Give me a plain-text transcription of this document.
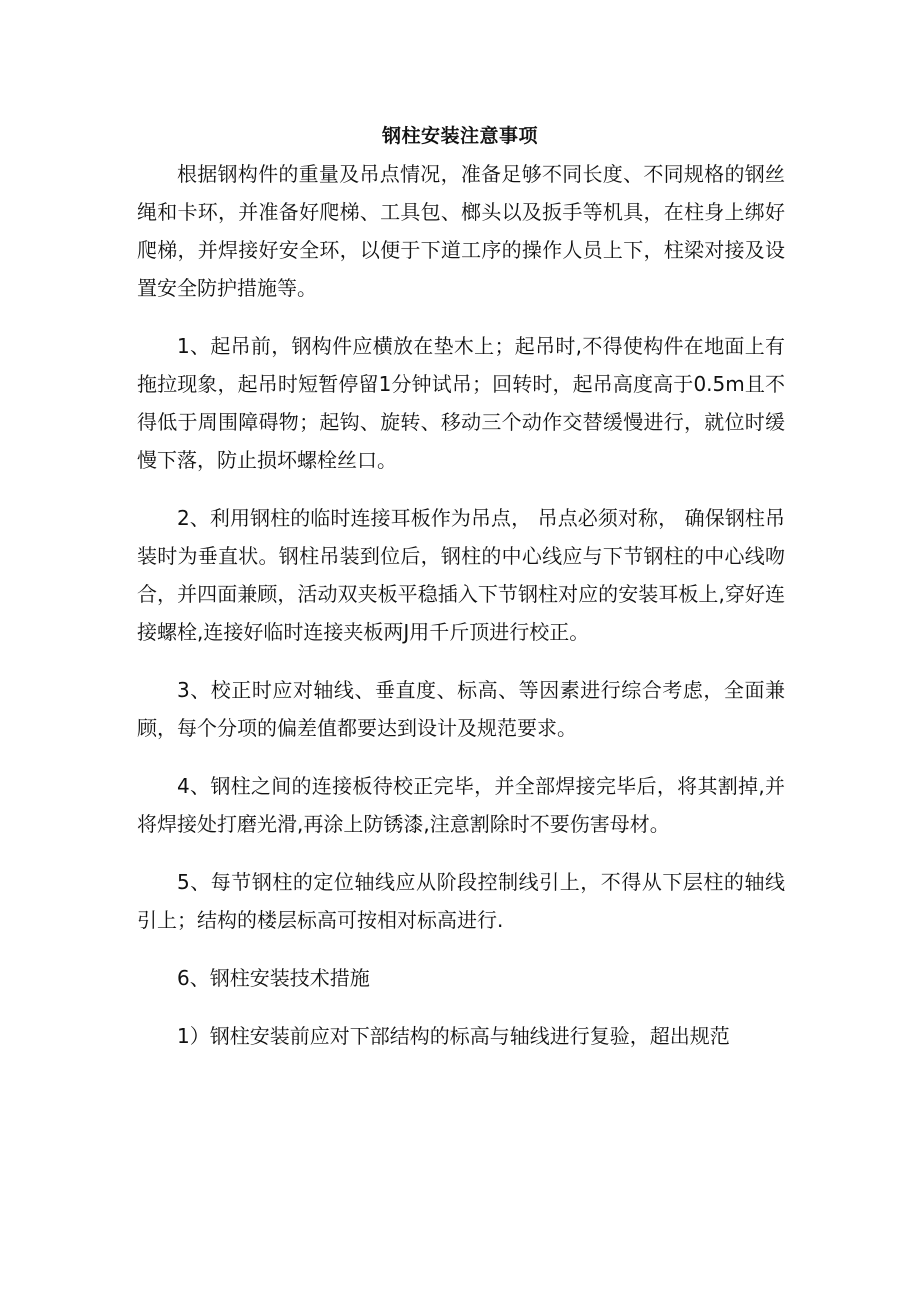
钢柱安装注意事项

根据钢构件的重量及吊点情况，准备足够不同长度、不同规格的钢丝绳和卡环，并准备好爬梯、工具包、榔头以及扳手等机具，在柱身上绑好爬梯，并焊接好安全环，以便于下道工序的操作人员上下，柱梁对接及设置安全防护措施等。

1、起吊前，钢构件应横放在垫木上；起吊时,不得使构件在地面上有拖拉现象，起吊时短暂停留1分钟试吊；回转时，起吊高度高于0.5m且不得低于周围障碍物；起钩、旋转、移动三个动作交替缓慢进行，就位时缓慢下落，防止损坏螺栓丝口。

2、利用钢柱的临时连接耳板作为吊点， 吊点必须对称， 确保钢柱吊装时为垂直状。钢柱吊装到位后，钢柱的中心线应与下节钢柱的中心线吻合，并四面兼顾，活动双夹板平稳插入下节钢柱对应的安装耳板上,穿好连接螺栓,连接好临时连接夹板两J用千斤顶进行校正。

3、校正时应对轴线、垂直度、标高、等因素进行综合考虑，全面兼顾，每个分项的偏差值都要达到设计及规范要求。

4、钢柱之间的连接板待校正完毕，并全部焊接完毕后，将其割掉,并将焊接处打磨光滑,再涂上防锈漆,注意割除时不要伤害母材。

5、每节钢柱的定位轴线应从阶段控制线引上，不得从下层柱的轴线引上；结构的楼层标高可按相对标高进行.

6、钢柱安装技术措施

1）钢柱安装前应对下部结构的标高与轴线进行复验，超出规范
